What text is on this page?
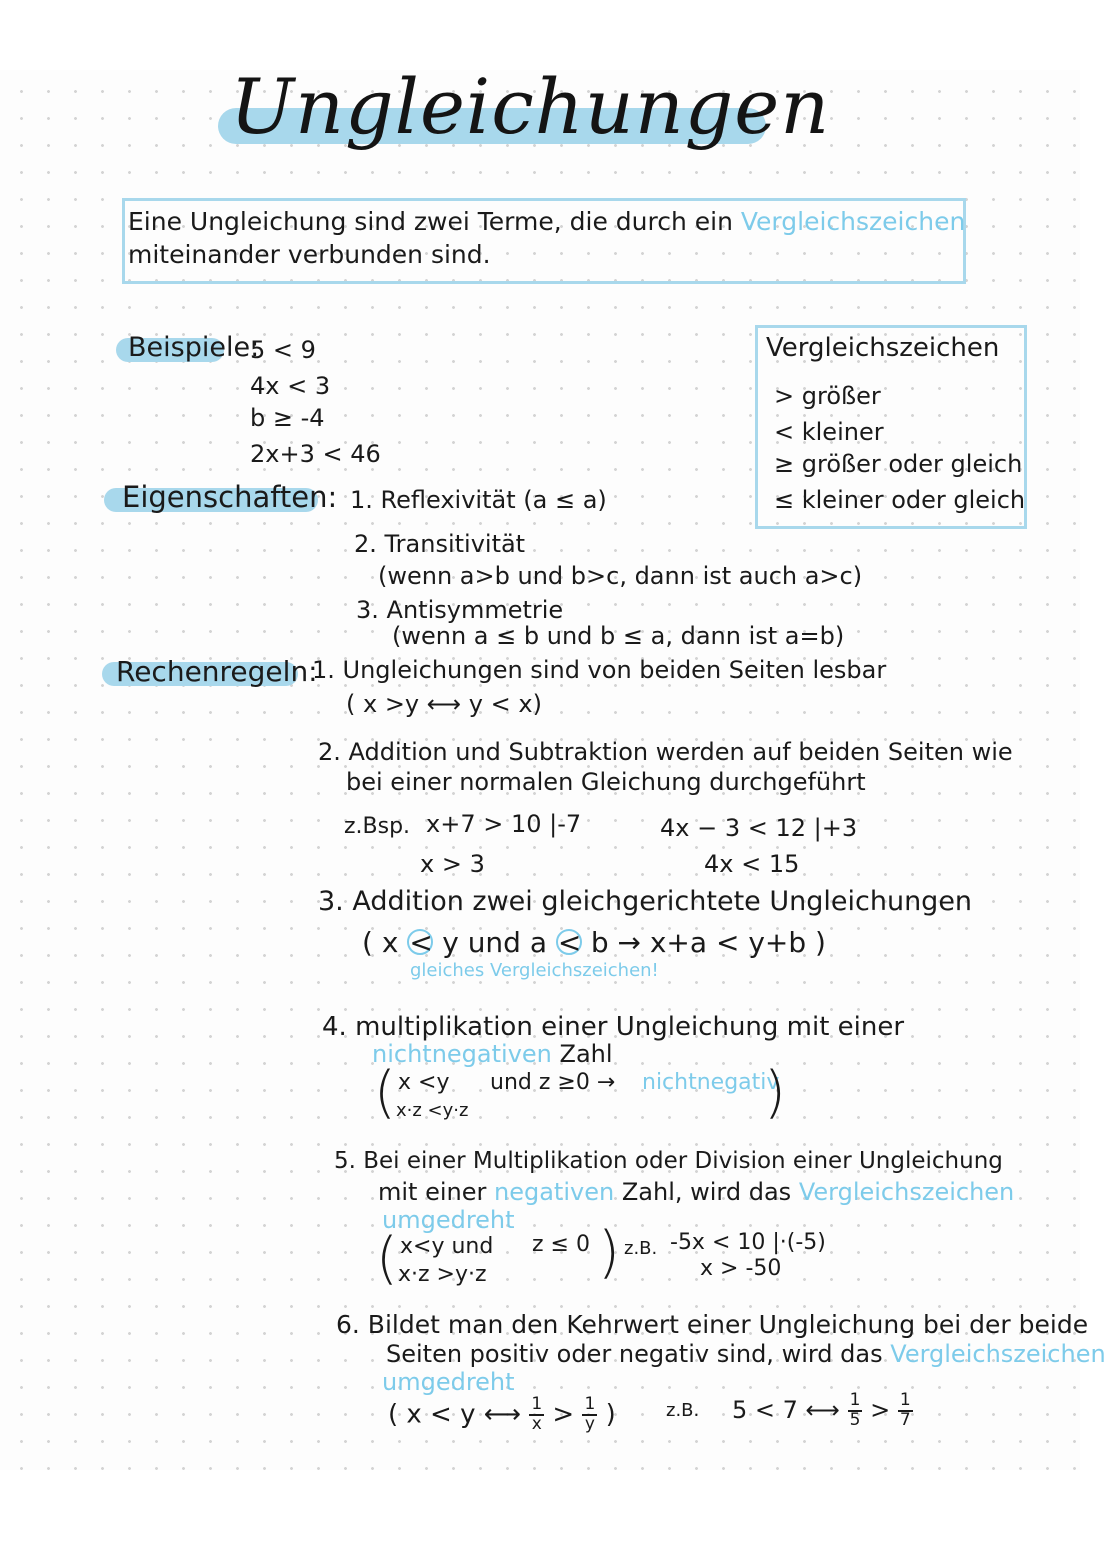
Ungleichungen
Eine Ungleichung sind zwei Terme, die durch ein Vergleichszeichen
miteinander verbunden sind.
Beispiele:
5 < 9
4x < 3
b ≥ -4
2x+3 < 46
Vergleichszeichen
> größer
< kleiner
≥ größer oder gleich
≤ kleiner oder gleich
Eigenschaften: 1. Reflexivität (a ≤ a)
2. Transitivität
(wenn a>b und b>c, dann ist auch a>c)
3. Antisymmetrie
(wenn a ≤ b und b ≤ a, dann ist a=b)
Rechenregeln:
1. Ungleichungen sind von beiden Seiten lesbar
( x >y ⟷ y < x)
2. Addition und Subtraktion werden auf beiden Seiten wie
bei einer normalen Gleichung durchgeführt
z.Bsp. x+7 > 10 |-7
x > 3
4x − 3 < 12 |+3
4x < 15
3. Addition zwei gleichgerichtete Ungleichungen
( x < y und a < b → x+a < y+b )
gleiches Vergleichszeichen!
4. multiplikation einer Ungleichung mit einer
nichtnegativen Zahl
( x <y
x·z <y·z
und z ≥0 → nichtnegativ
)
5. Bei einer Multiplikation oder Division einer Ungleichung
mit einer negativen Zahl, wird das Vergleichszeichen
umgedreht
( x<y und
x·z >y·z
z ≤ 0 ) z.B. -5x < 10 |·(-5)
x > -50
6. Bildet man den Kehrwert einer Ungleichung bei der beide
Seiten positiv oder negativ sind, wird das Vergleichszeichen
umgedreht
( x < y ⟷ $\frac{1}{x} > \frac{1}{y}$ )	z.B. 5 < 7 ⟷ $\frac{1}{5} > \frac{1}{7}$
